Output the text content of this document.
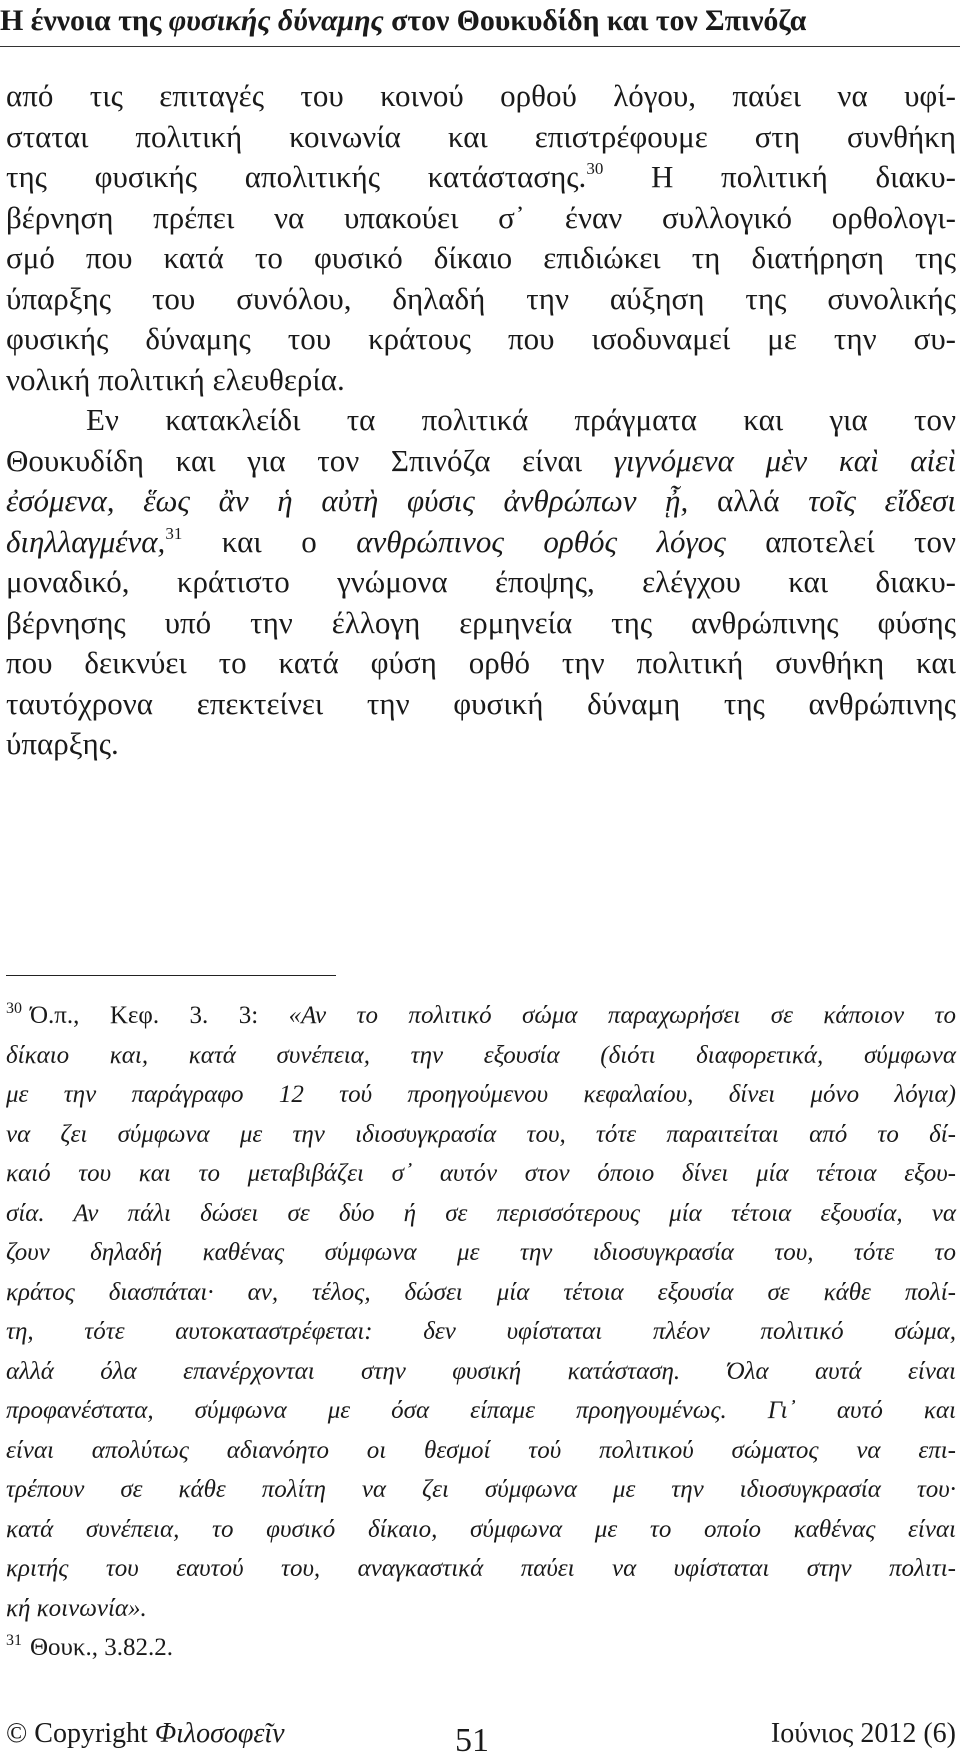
Η έννοια της φυσικής δύναμης στον Θουκυδίδη και τον Σπινόζα
από τις επιταγές του κοινού ορθού λόγου, παύει να υφί-
σταται πολιτική κοινωνία και επιστρέφουμε στη συνθήκη
της φυσικής απολιτικής κατάστασης.$^{30}$ Η πολιτική διακυ-
βέρνηση πρέπει να υπακούει σ᾽ έναν συλλογικό ορθολογι-
σμό που κατά το φυσικό δίκαιο επιδιώκει τη διατήρηση της
ύπαρξης του συνόλου, δηλαδή την αύξηση της συνολικής
φυσικής δύναμης του κράτους που ισοδυναμεί με την συ-
νολική πολιτική ελευθερία.
Εν κατακλείδι τα πολιτικά πράγματα και για τον
Θουκυδίδη και για τον Σπινόζα είναι γιγνόμενα μὲν καὶ αἰεὶ
ἐσόμενα, ἕως ἂν ἡ αὐτὴ φύσις ἀνθρώπων ᾖ, αλλά τοῖς εἴδεσι
διηλλαγμένα,$^{31}$ και ο ανθρώπινος ορθός λόγος αποτελεί τον
μοναδικό, κράτιστο γνώμονα έποψης, ελέγχου και διακυ-
βέρνησης υπό την έλλογη ερμηνεία της ανθρώπινης φύσης
που δεικνύει το κατά φύση ορθό την πολιτική συνθήκη και
ταυτόχρονα επεκτείνει την φυσική δύναμη της ανθρώπινης
ύπαρξης.
$^{30}$ Ό.π., Κεφ. 3. 3: «Αν το πολιτικό σώμα παραχωρήσει σε κάποιον το
δίκαιο και, κατά συνέπεια, την εξουσία (διότι διαφορετικά, σύμφωνα
με την παράγραφο 12 τού προηγούμενου κεφαλαίου, δίνει μόνο λόγια)
να ζει σύμφωνα με την ιδιοσυγκρασία του, τότε παραιτείται από το δί-
καιό του και το μεταβιβάζει σ᾽ αυτόν στον όποιο δίνει μία τέτοια εξου-
σία. Αν πάλι δώσει σε δύο ή σε περισσότερους μία τέτοια εξουσία, να
ζουν δηλαδή καθένας σύμφωνα με την ιδιοσυγκρασία του, τότε το
κράτος διασπάται· αν, τέλος, δώσει μία τέτοια εξουσία σε κάθε πολί-
τη, τότε αυτοκαταστρέφεται: δεν υφίσταται πλέον πολιτικό σώμα,
αλλά όλα επανέρχονται στην φυσική κατάσταση. Όλα αυτά είναι
προφανέστατα, σύμφωνα με όσα είπαμε προηγουμένως. Γι᾽ αυτό και
είναι απολύτως αδιανόητο οι θεσμοί τού πολιτικού σώματος να επι-
τρέπουν σε κάθε πολίτη να ζει σύμφωνα με την ιδιοσυγκρασία του·
κατά συνέπεια, το φυσικό δίκαιο, σύμφωνα με το οποίο καθένας είναι
κριτής του εαυτού του, αναγκαστικά παύει να υφίσταται στην πολιτι-
κή κοινωνία».
$^{31}$ Θουκ., 3.82.2.
© Copyright Φιλοσοφεῖν	51	Ιούνιος 2012 (6)
